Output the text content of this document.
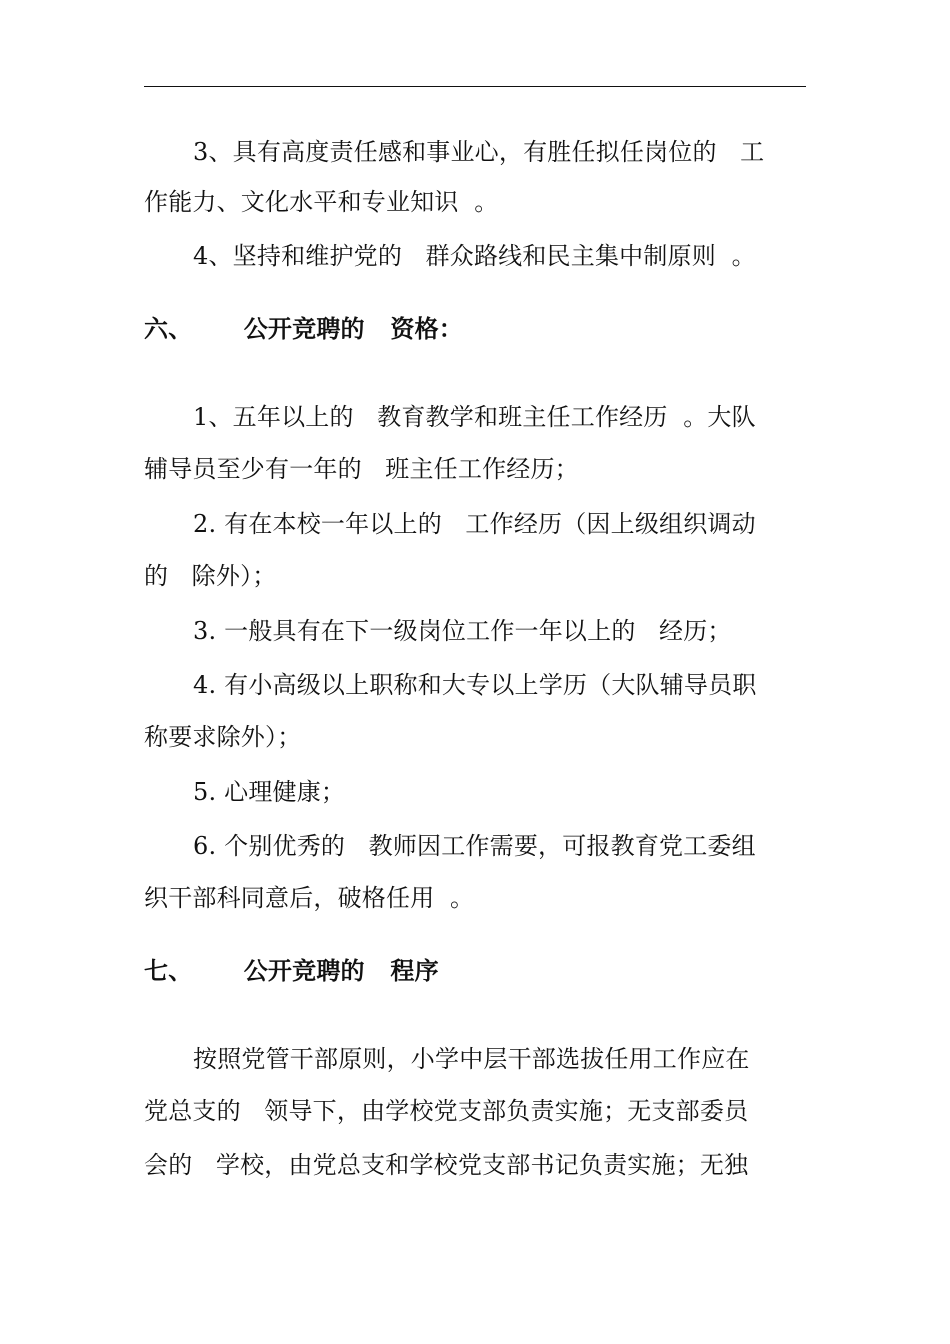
3、具有高度责任感和事业心，有胜任拟任岗位的   工
作能力、文化水平和专业知识  。
4、坚持和维护党的   群众路线和民主集中制原则  。
六、      公开竞聘的   资格：
1、五年以上的   教育教学和班主任工作经历  。大队
辅导员至少有一年的   班主任工作经历；
2. 有在本校一年以上的   工作经历（因上级组织调动
的   除外）；
3. 一般具有在下一级岗位工作一年以上的   经历；
4. 有小高级以上职称和大专以上学历（大队辅导员职
称要求除外）；
5. 心理健康；
6. 个别优秀的   教师因工作需要，可报教育党工委组
织干部科同意后，破格任用  。
七、      公开竞聘的   程序
按照党管干部原则，小学中层干部选拔任用工作应在
党总支的   领导下，由学校党支部负责实施；无支部委员
会的   学校，由党总支和学校党支部书记负责实施；无独
